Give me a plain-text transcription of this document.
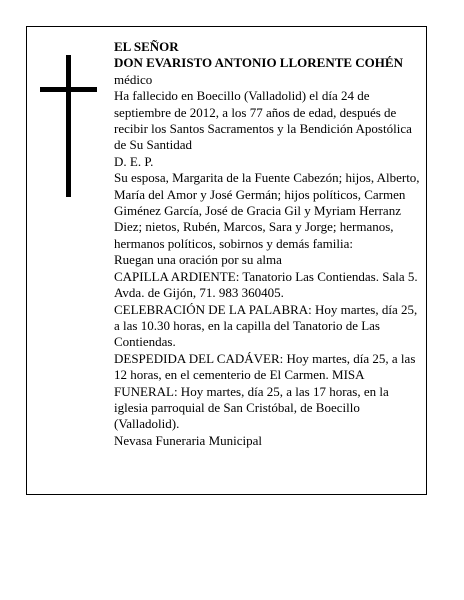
EL SEÑOR

DON EVARISTO ANTONIO LLORENTE COHÉN

médico

Ha fallecido en Boecillo (Valladolid) el día 24 de septiembre de 2012, a los 77 años de edad, después de recibir los Santos Sacramentos y la Bendición Apostólica de Su Santidad

D. E. P.

Su esposa, Margarita de la Fuente Cabezón; hijos, Alberto, María del Amor y José Germán; hijos políticos, Carmen Giménez García, José de Gracia Gil y Myriam Herranz Diez; nietos, Rubén, Marcos, Sara y Jorge; hermanos, hermanos políticos, sobirnos y demás familia:

Ruegan una oración por su alma

CAPILLA ARDIENTE: Tanatorio Las Contiendas. Sala 5. Avda. de Gijón, 71. 983 360405.

CELEBRACIÓN DE LA PALABRA: Hoy martes, día 25, a las 10.30 horas, en la capilla del Tanatorio de Las Contiendas.

DESPEDIDA DEL CADÁVER: Hoy martes, día 25, a las 12 horas, en el cementerio de El Carmen. MISA FUNERAL: Hoy martes, día 25, a las 17 horas, en la iglesia parroquial de San Cristóbal, de Boecillo (Valladolid).

Nevasa Funeraria Municipal
